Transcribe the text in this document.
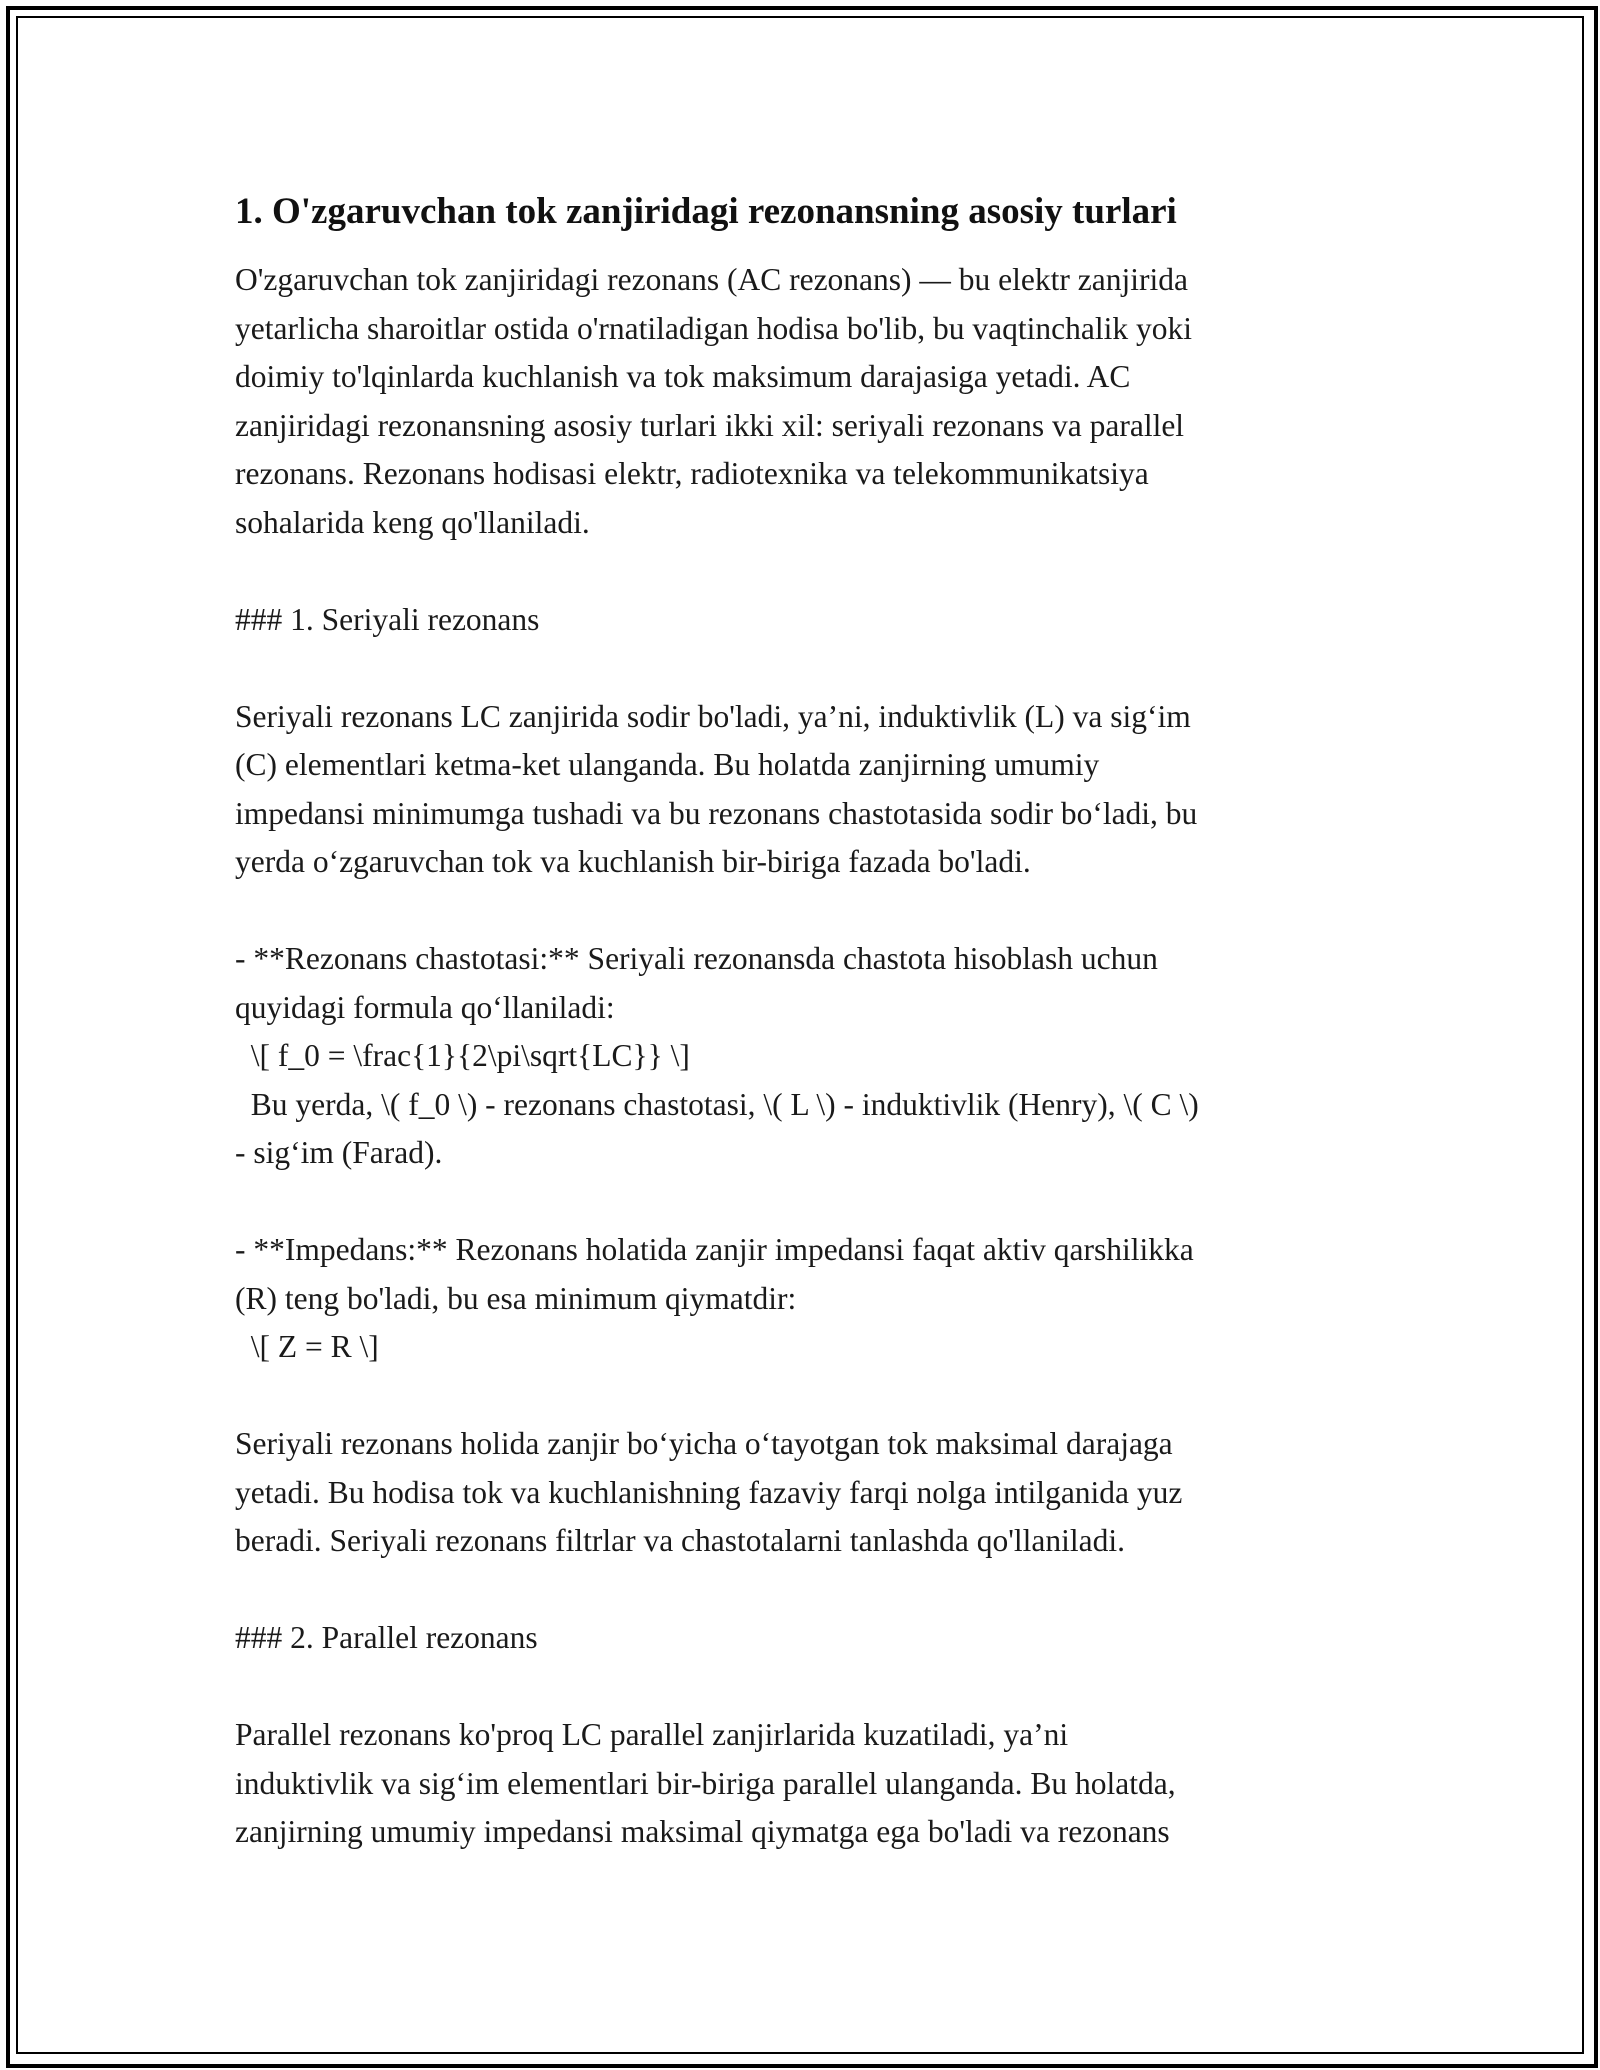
1. O'zgaruvchan tok zanjiridagi rezonansning asosiy turlari

O'zgaruvchan tok zanjiridagi rezonans (AC rezonans) — bu elektr zanjirida
yetarlicha sharoitlar ostida o'rnatiladigan hodisa bo'lib, bu vaqtinchalik yoki
doimiy to'lqinlarda kuchlanish va tok maksimum darajasiga yetadi. AC
zanjiridagi rezonansning asosiy turlari ikki xil: seriyali rezonans va parallel
rezonans. Rezonans hodisasi elektr, radiotexnika va telekommunikatsiya
sohalarida keng qo'llaniladi.

### 1. Seriyali rezonans

Seriyali rezonans LC zanjirida sodir bo'ladi, ya’ni, induktivlik (L) va sig‘im
(C) elementlari ketma-ket ulanganda. Bu holatda zanjirning umumiy
impedansi minimumga tushadi va bu rezonans chastotasida sodir bo‘ladi, bu
yerda o‘zgaruvchan tok va kuchlanish bir-biriga fazada bo'ladi.

- **Rezonans chastotasi:** Seriyali rezonansda chastota hisoblash uchun
quyidagi formula qo‘llaniladi:
\[ f_0 = \frac{1}{2\pi\sqrt{LC}} \]
Bu yerda, \( f_0 \) - rezonans chastotasi, \( L \) - induktivlik (Henry), \( C \)
- sig‘im (Farad).

- **Impedans:** Rezonans holatida zanjir impedansi faqat aktiv qarshilikka
(R) teng bo'ladi, bu esa minimum qiymatdir:
\[ Z = R \]

Seriyali rezonans holida zanjir bo‘yicha o‘tayotgan tok maksimal darajaga
yetadi. Bu hodisa tok va kuchlanishning fazaviy farqi nolga intilganida yuz
beradi. Seriyali rezonans filtrlar va chastotalarni tanlashda qo'llaniladi.

### 2. Parallel rezonans

Parallel rezonans ko'proq LC parallel zanjirlarida kuzatiladi, ya’ni
induktivlik va sig‘im elementlari bir-biriga parallel ulanganda. Bu holatda,
zanjirning umumiy impedansi maksimal qiymatga ega bo'ladi va rezonans
